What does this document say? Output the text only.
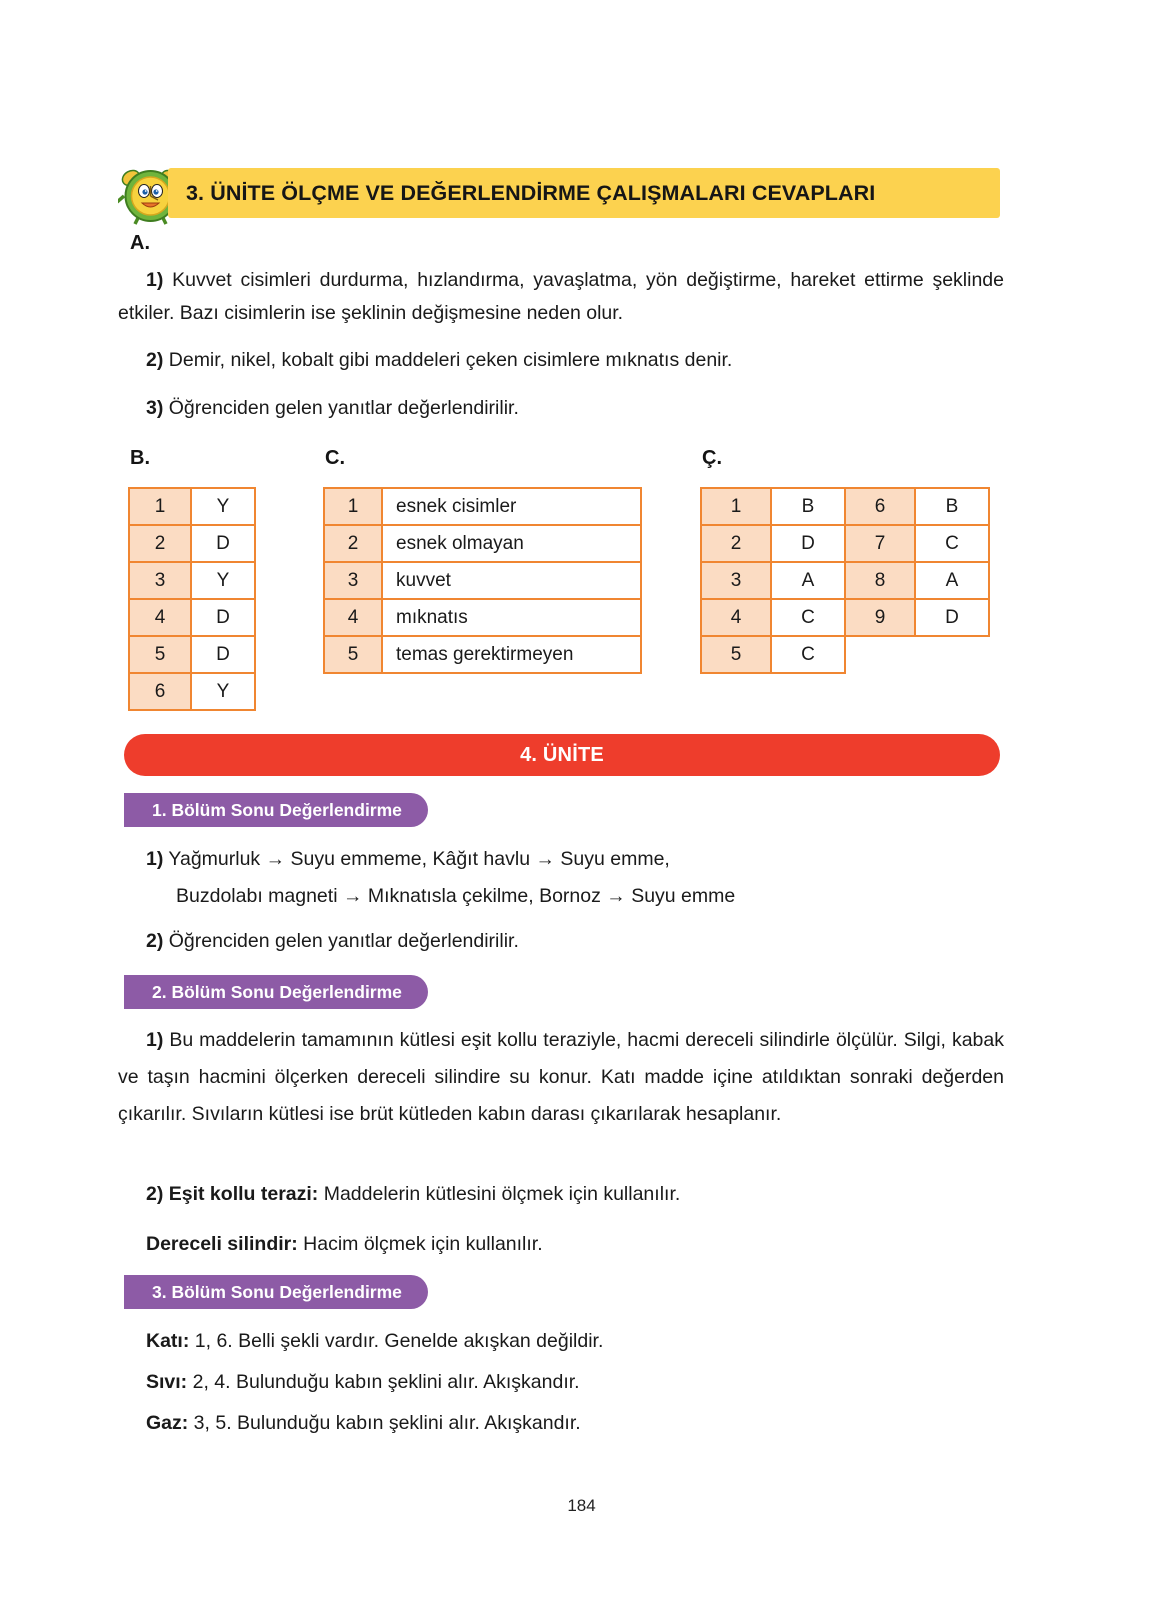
3. ÜNİTE ÖLÇME VE DEĞERLENDİRME ÇALIŞMALARI CEVAPLARI
A.
1) Kuvvet cisimleri durdurma, hızlandırma, yavaşlatma, yön değiştirme, hareket ettirme şeklinde etkiler. Bazı cisimlerin ise şeklinin değişmesine neden olur.
2) Demir, nikel, kobalt gibi maddeleri çeken cisimlere mıknatıs denir.
3) Öğrenciden gelen yanıtlar değerlendirilir.
B.
1	Y
2	D
3	Y
4	D
5	D
6	Y
C.
1	esnek cisimler
2	esnek olmayan
3	kuvvet
4	mıknatıs
5	temas gerektirmeyen
Ç.
1	B	6	B
2	D	7	C
3	A	8	A
4	C	9	D
5	C		
4. ÜNİTE
1. Bölüm Sonu Değerlendirme
1) Yağmurluk → Suyu emmeme, Kâğıt havlu → Suyu emme,
Buzdolabı magneti → Mıknatısla çekilme, Bornoz → Suyu emme
2) Öğrenciden gelen yanıtlar değerlendirilir.
2. Bölüm Sonu Değerlendirme
1) Bu maddelerin tamamının kütlesi eşit kollu teraziyle, hacmi dereceli silindirle ölçülür. Silgi, kabak ve taşın hacmini ölçerken dereceli silindire su konur. Katı madde içine atıldıktan sonraki değerden çıkarılır. Sıvıların kütlesi ise brüt kütleden kabın darası çıkarılarak hesaplanır.
2) Eşit kollu terazi: Maddelerin kütlesini ölçmek için kullanılır.
Dereceli silindir: Hacim ölçmek için kullanılır.
3. Bölüm Sonu Değerlendirme
Katı: 1, 6. Belli şekli vardır. Genelde akışkan değildir.
Sıvı: 2, 4. Bulunduğu kabın şeklini alır. Akışkandır.
Gaz: 3, 5. Bulunduğu kabın şeklini alır. Akışkandır.
184
